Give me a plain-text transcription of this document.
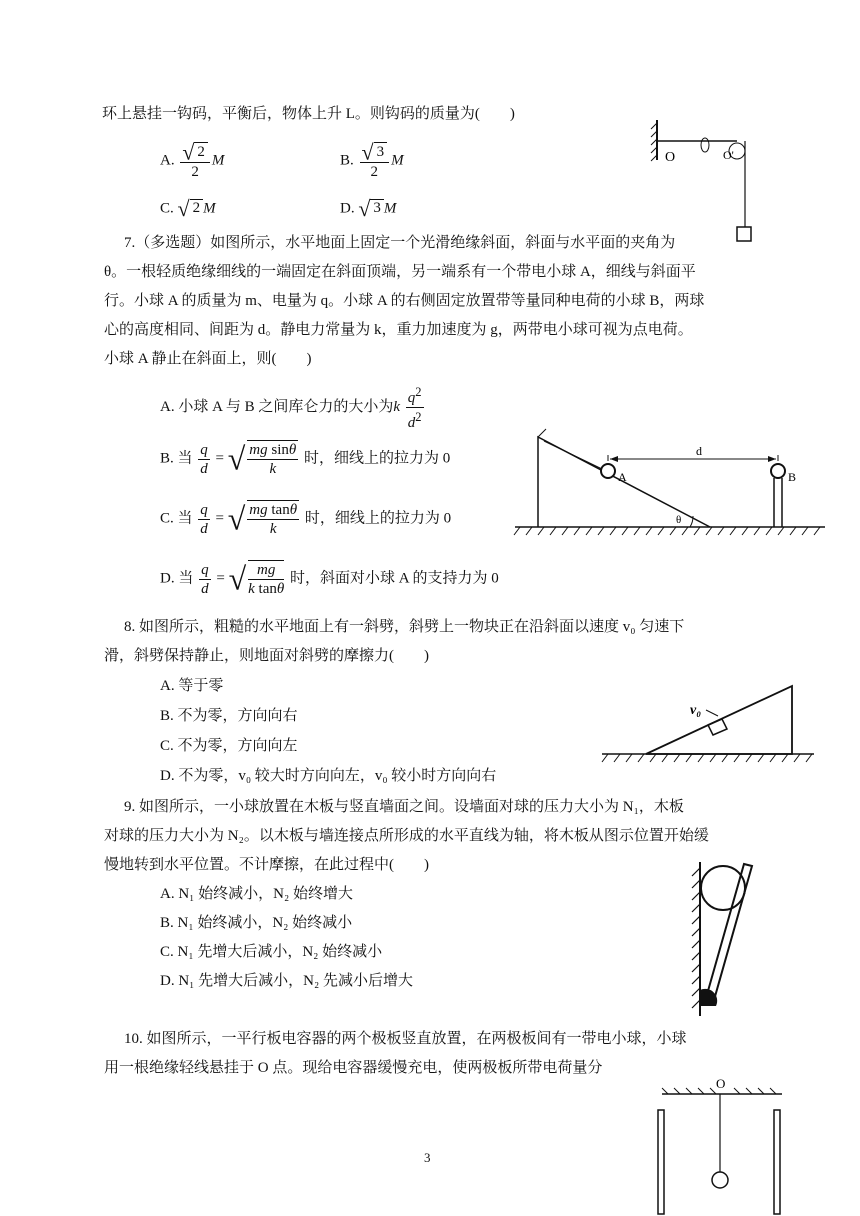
环上悬挂一钩码，平衡后，物体上升 L。则钩码的质量为(　　)
A. $\frac{√ 2}{2}$ M	B. $\frac{√ 3}{2}$ M
C. √ 2 M	D. √ 3 M
O	O'
7.（多选题）如图所示，水平地面上固定一个光滑绝缘斜面，斜面与水平面的夹角为
θ。一根轻质绝缘细线的一端固定在斜面顶端，另一端系有一个带电小球 A，细线与斜面平
行。小球 A 的质量为 m、电量为 q。小球 A 的右侧固定放置带等量同种电荷的小球 B，两球
心的高度相同、间距为 d。静电力常量为 k，重力加速度为 g，两带电小球可视为点电荷。
小球 A 静止在斜面上，则(　　)
A. 小球 A 与 B 之间库仑力的大小为k $\frac{q^2}{d^2}$
B. 当 $\frac{q}{d}$ = √ $\frac{\text{mg sinθ}}{k}$ 时，细线上的拉力为 0
C. 当 $\frac{q}{d}$ = √ $\frac{\text{mg tanθ}}{k}$ 时，细线上的拉力为 0
D. 当 $\frac{q}{d}$ = √ $\frac{mg}{\text{k tanθ}}$ 时，斜面对小球 A 的支持力为 0
A
d
B
θ
8. 如图所示，粗糙的水平地面上有一斜劈，斜劈上一物块正在沿斜面以速度 v₀ 匀速下
滑，斜劈保持静止，则地面对斜劈的摩擦力(　　)
A. 等于零
B. 不为零，方向向右
C. 不为零，方向向左
D. 不为零，v₀ 较大时方向向左，v₀ 较小时方向向右
v₀
9. 如图所示，一小球放置在木板与竖直墙面之间。设墙面对球的压力大小为 N₁，木板
对球的压力大小为 N₂。以木板与墙连接点所形成的水平直线为轴，将木板从图示位置开始缓
慢地转到水平位置。不计摩擦，在此过程中(　　)
A. N₁ 始终减小，N₂ 始终增大
B. N₁ 始终减小，N₂ 始终减小
C. N₁ 先增大后减小，N₂ 始终减小
D. N₁ 先增大后减小，N₂ 先减小后增大
10. 如图所示，一平行板电容器的两个极板竖直放置，在两极板间有一带电小球，小球
用一根绝缘轻线悬挂于 O 点。现给电容器缓慢充电，使两极板所带电荷量分
O
3
